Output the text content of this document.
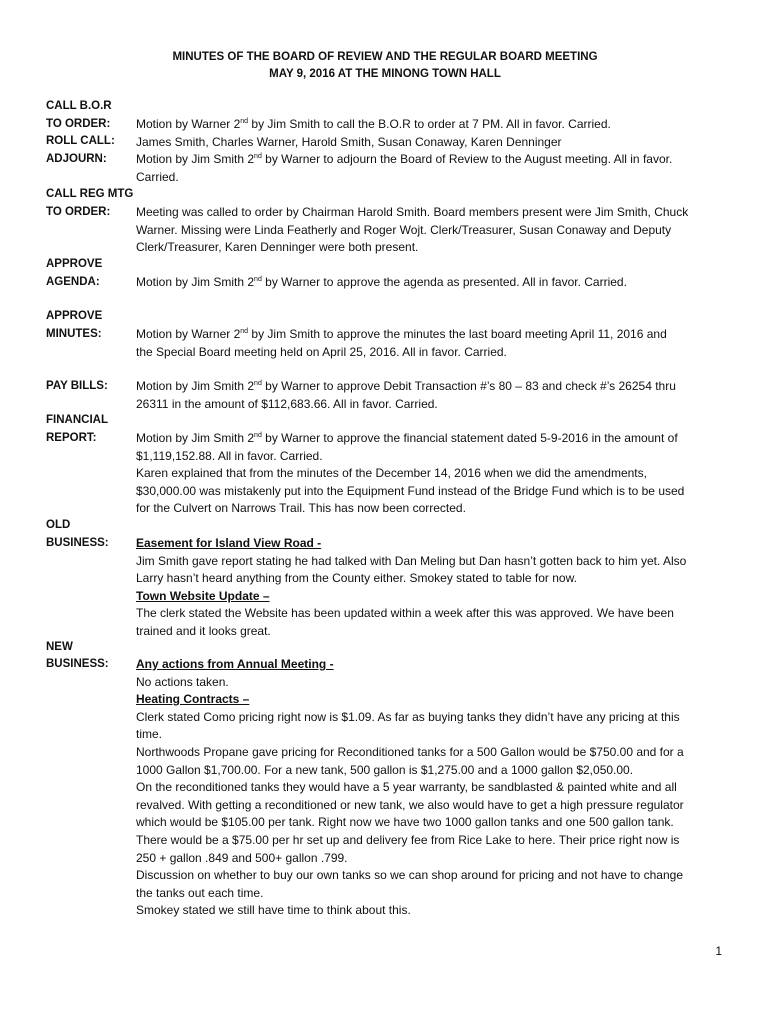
MINUTES OF THE BOARD OF REVIEW AND THE REGULAR BOARD MEETING
MAY 9, 2016 AT THE MINONG TOWN HALL
CALL B.O.R
TO ORDER:
ROLL CALL:
ADJOURN:
CALL REG MTG
TO ORDER:
APPROVE
AGENDA:
APPROVE
MINUTES:
PAY BILLS:
FINANCIAL
REPORT:
OLD
BUSINESS:
NEW
BUSINESS:
Motion by Warner 2nd by Jim Smith to call the B.O.R to order at 7 PM. All in favor. Carried.
James Smith, Charles Warner, Harold Smith, Susan Conaway, Karen Denninger
Motion by Jim Smith 2nd by Warner to adjourn the Board of Review to the August meeting. All in favor.
Carried.
Meeting was called to order by Chairman Harold Smith. Board members present were Jim Smith, Chuck
Warner. Missing were Linda Featherly and Roger Wojt. Clerk/Treasurer, Susan Conaway and Deputy
Clerk/Treasurer, Karen Denninger were both present.
Motion by Jim Smith 2nd by Warner to approve the agenda as presented. All in favor. Carried.
Motion by Warner 2nd by Jim Smith to approve the minutes the last board meeting April 11, 2016 and
the Special Board meeting held on April 25, 2016. All in favor. Carried.
Motion by Jim Smith 2nd by Warner to approve Debit Transaction #’s 80 – 83 and check #’s 26254 thru
26311 in the amount of $112,683.66. All in favor. Carried.
Motion by Jim Smith 2nd by Warner to approve the financial statement dated 5-9-2016 in the amount of
$1,119,152.88. All in favor. Carried.
Karen explained that from the minutes of the December 14, 2016 when we did the amendments,
$30,000.00 was mistakenly put into the Equipment Fund instead of the Bridge Fund which is to be used
for the Culvert on Narrows Trail. This has now been corrected.
Easement for Island View Road -
Jim Smith gave report stating he had talked with Dan Meling but Dan hasn’t gotten back to him yet. Also
Larry hasn’t heard anything from the County either. Smokey stated to table for now.
Town Website Update –
The clerk stated the Website has been updated within a week after this was approved. We have been
trained and it looks great.
Any actions from Annual Meeting -
No actions taken.
Heating Contracts –
Clerk stated Como pricing right now is $1.09. As far as buying tanks they didn’t have any pricing at this
time.
Northwoods Propane gave pricing for Reconditioned tanks for a 500 Gallon would be $750.00 and for a
1000 Gallon $1,700.00. For a new tank, 500 gallon is $1,275.00 and a 1000 gallon $2,050.00.
On the reconditioned tanks they would have a 5 year warranty, be sandblasted & painted white and all
revalved. With getting a reconditioned or new tank, we also would have to get a high pressure regulator
which would be $105.00 per tank. Right now we have two 1000 gallon tanks and one 500 gallon tank.
There would be a $75.00 per hr set up and delivery fee from Rice Lake to here. Their price right now is
250 + gallon .849 and 500+ gallon .799.
Discussion on whether to buy our own tanks so we can shop around for pricing and not have to change
the tanks out each time.
Smokey stated we still have time to think about this.
1
